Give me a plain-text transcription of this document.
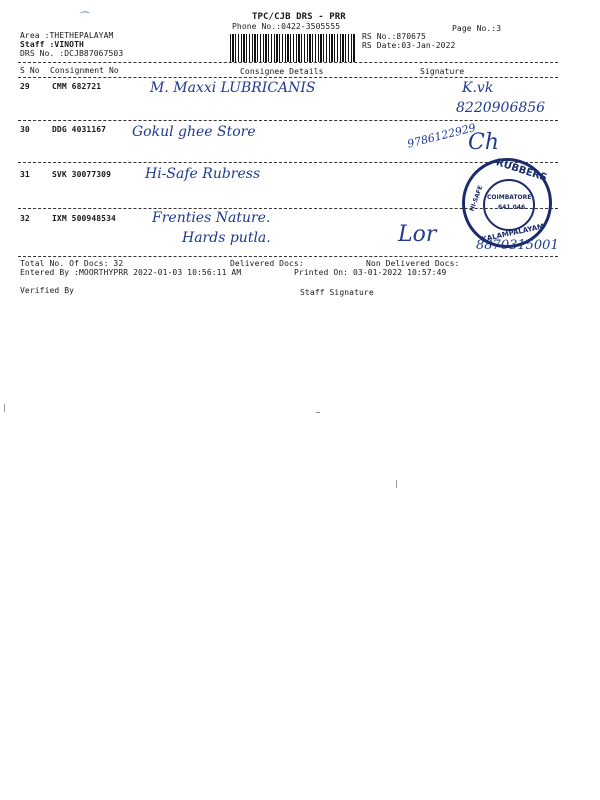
TPC/CJB DRS - PRR
Phone No.:0422-3505555	Page No.:3
Area :THETHEPALAYAM
Staff :VINOTH
DRS No. :DCJB87067503
RS No.:870675
RS Date:03-Jan-2022
⌒
S No Consignment No	Consignee Details	Signature
29	CMM 682721	M. Maxxi LUBRICANIS	K.vk
8220906856
30	DDG 4031167 Gokul ghee Store	9786122929
Ch
31	SVK 30077309 Hi-Safe Rubress
32	IXM 500948534	Frenties Nature.
Hards putla.	Lor	8870315001
RUBBERS
COIMBATORE
641 046
KALAMPALAYAM
HI-SAFE
Total No. Of Docs: 32	Delivered Docs:	Non Delivered Docs:
Entered By :MOORTHYPRR 2022-01-03 10:56:11 AM	Printed On: 03-01-2022 10:57:49
Verified By	Staff Signature
